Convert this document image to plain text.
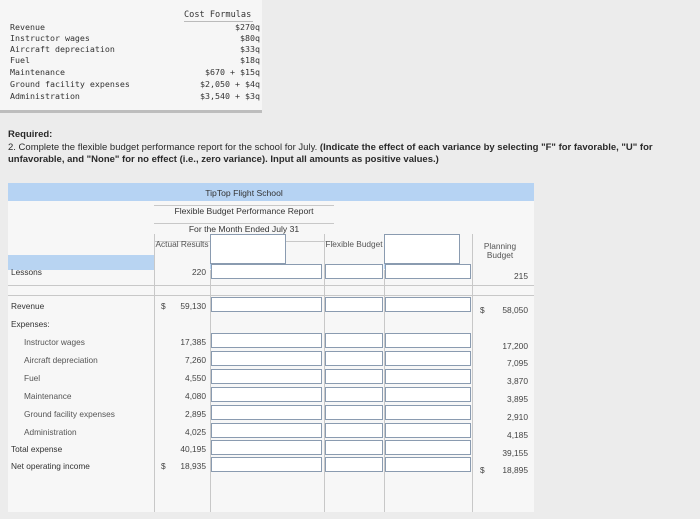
Cost Formulas
Revenue	$270q
Instructor wages	$80q
Aircraft depreciation	$33q
Fuel	$18q
Maintenance	$670 + $15q
Ground facility expenses	$2,050 + $4q
Administration	$3,540 + $3q
Required:
2. Complete the flexible budget performance report for the school for July. (Indicate the effect of each variance by selecting "F" for favorable, "U" for unfavorable, and "None" for no effect (i.e., zero variance). Input all amounts as positive values.)
TipTop Flight School
Flexible Budget Performance Report
For the Month Ended July 31
Actual Results	Flexible Budget	Planning Budget
Lessons	220	215
Revenue	$	59,130	$	58,050
Expenses:
Instructor wages	17,385	17,200
Aircraft depreciation	7,260	7,095
Fuel	4,550	3,870
Maintenance	4,080	3,895
Ground facility expenses	2,895	2,910
Administration	4,025	4,185
Total expense	40,195	39,155
Net operating income	$	18,935	$	18,895
